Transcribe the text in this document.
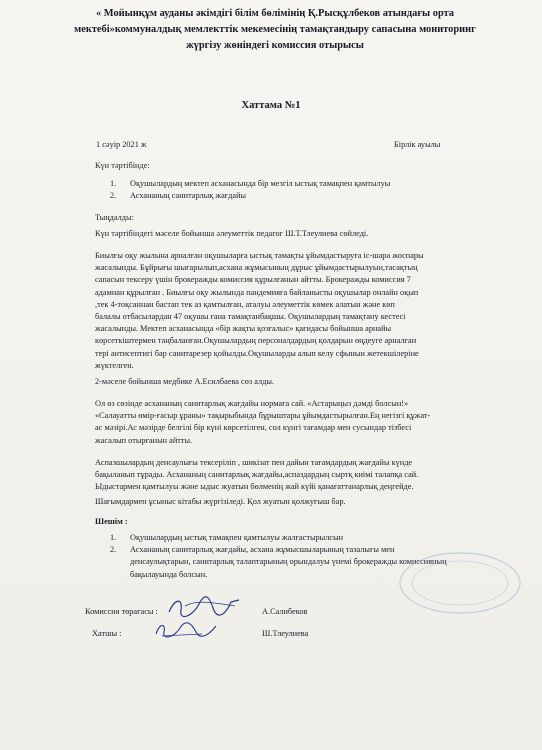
« Мойынқұм ауданы әкімдігі білім бөлімінің Қ.Рысқұлбеков атындағы орта
мектебі»коммуналдық мемлекттік мекемесінің тамақтандыру сапасына мониторинг
жүргізу жөніндегі комиссия отырысы
Хаттама №1
1 сәуір 2021 ж	Бірлік ауылы
Күн тәртібінде:
1.	Оқушылардың мектеп асханасында бір мезгіл ыстық тамақпен қамтылуы
2.	Асхананың санитарлық жағдайы
Тыңдалды:
Күн тәртібіндегі мәселе бойынша әлеуметтік педагог Ш.Т.Тлеулиева сөйледі.
Биылғы оқу жылына арналған оқушыларға ыстық тамақты ұйымдастыруға іс-шара жоспары
жасалынды. Бұйрығы шығарылып,асхана жұмысының дұрыс ұйымдастырылуын,тасақтың
сапасын тексеру үшін брокеражды комиссия құрылғанын айтты. Брокеражды комиссия 7
адамнан құрылған . Биылғы оқу жылында пандемияға байланысты оқушылар онлайн оқып
,тек 4-тоқсаннан бастап тек аз қамтылған, аталуы әлеуметтік көмек алатын және көп
балалы отбасылардан 47 оқушы ғана тамақтанбақшы. Оқушылардың тамақтану кестесі
жасалынды. Мектеп асханасында «бір жақты қозғалыс» қағидасы бойынша арнайы
көрсеткіштермен таңбаланған.Оқушылардың персоналдардың қолдарын өңдеуге арналған
тері антисептигі бар санитарезер қойылды.Оқушыларды алып келу сфыныи жетекшілеріне
жүктелген.
2-мәселе бойынша медбике А.Есилбаева сөз алды.
Ол өз сөзінде асхананың санитарлық жағдайы нормаға сай. «Астарыңыз дәмді болсын!»
«Салауатты өмір-ғасыр ұраны» тақырыбында бұрыштары ұйымдастырылған.Ең негізгі құжат-
ас мәзірі.Ас мәзірде белгілі бір күні көрсетілген, сол күнгі тағамдар мен сусындар тізбесі
жасалып отырғанын айтты.
Аспазшылардың денсаулығы тексеріліп , шикізат пен дайын тағамдардың жағдайы күнде
бақыланып тұрады. Асхананың санитарлық жағдайы,аспаздардың сыртқ киімі талапқа сай.
Ыдыстармен қамтылуы және ыдыс жуатын бөлменің жай күйі қанағаттанарлық деңгейде.
Шағымдармен ұсыныс кітабы жүргізіледі. Қол жуатын қолжуғыш бар.
Шешім :
1.	Оқушылардың ыстық тамақпен қамтылуы жалғастырылсын
2.	Асхананың санитарлық жағдайы, асхана жұмысшыларының тазалығы мен
денсаулықтарын, санитарлық талаптарының орындалуы үнемі брокеражды комиссияның
бақылауында болсын.
Комиссия төрағасы :	А.Салибеков
Хатшы :	Ш.Тлеулиева
